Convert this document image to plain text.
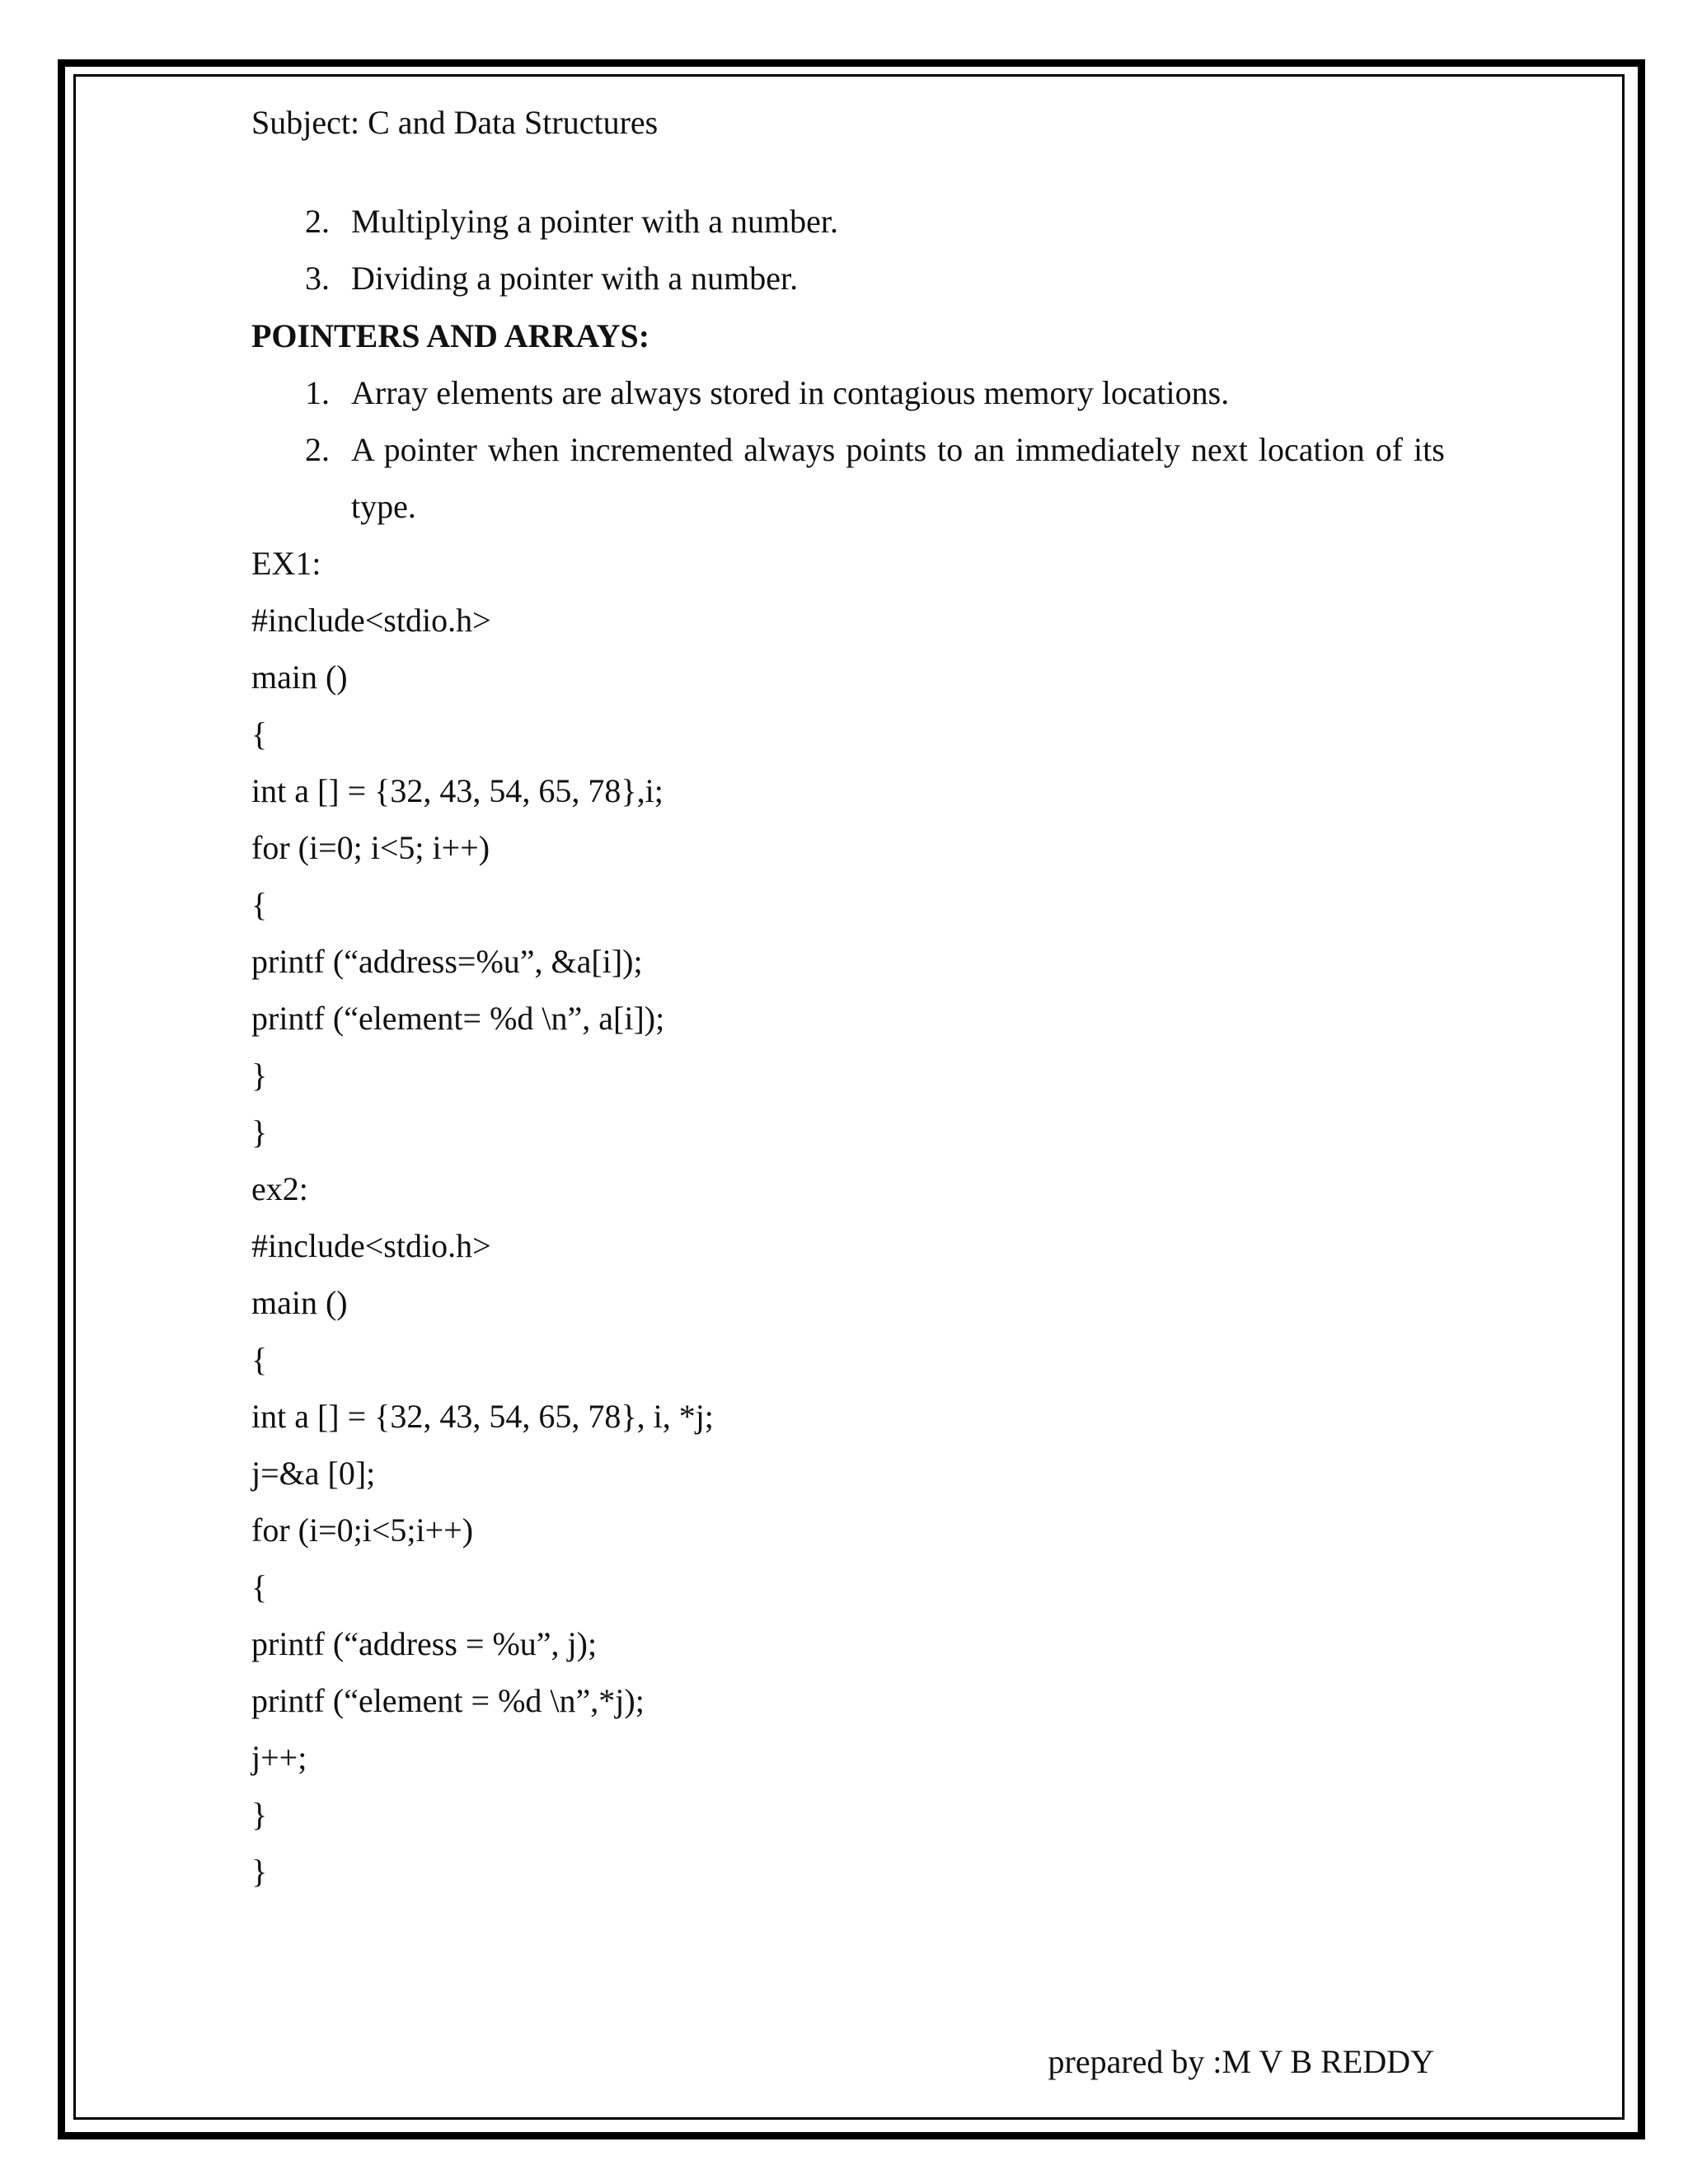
Subject: C and Data Structures
2. Multiplying a pointer with a number.
3. Dividing a pointer with a number.
POINTERS AND ARRAYS:
1. Array elements are always stored in contagious memory locations.
2. A pointer when incremented always points to an immediately next location of its
type.
EX1:
#include<stdio.h>
main ()
{
int a [] = {32, 43, 54, 65, 78},i;
for (i=0; i<5; i++)
{
printf (“address=%u”, &a[i]);
printf (“element= %d \n”, a[i]);
}
}
ex2:
#include<stdio.h>
main ()
{
int a [] = {32, 43, 54, 65, 78}, i, *j;
j=&a [0];
for (i=0;i<5;i++)
{
printf (“address = %u”, j);
printf (“element = %d \n”,*j);
j++;
}
}
prepared by :M V B REDDY
